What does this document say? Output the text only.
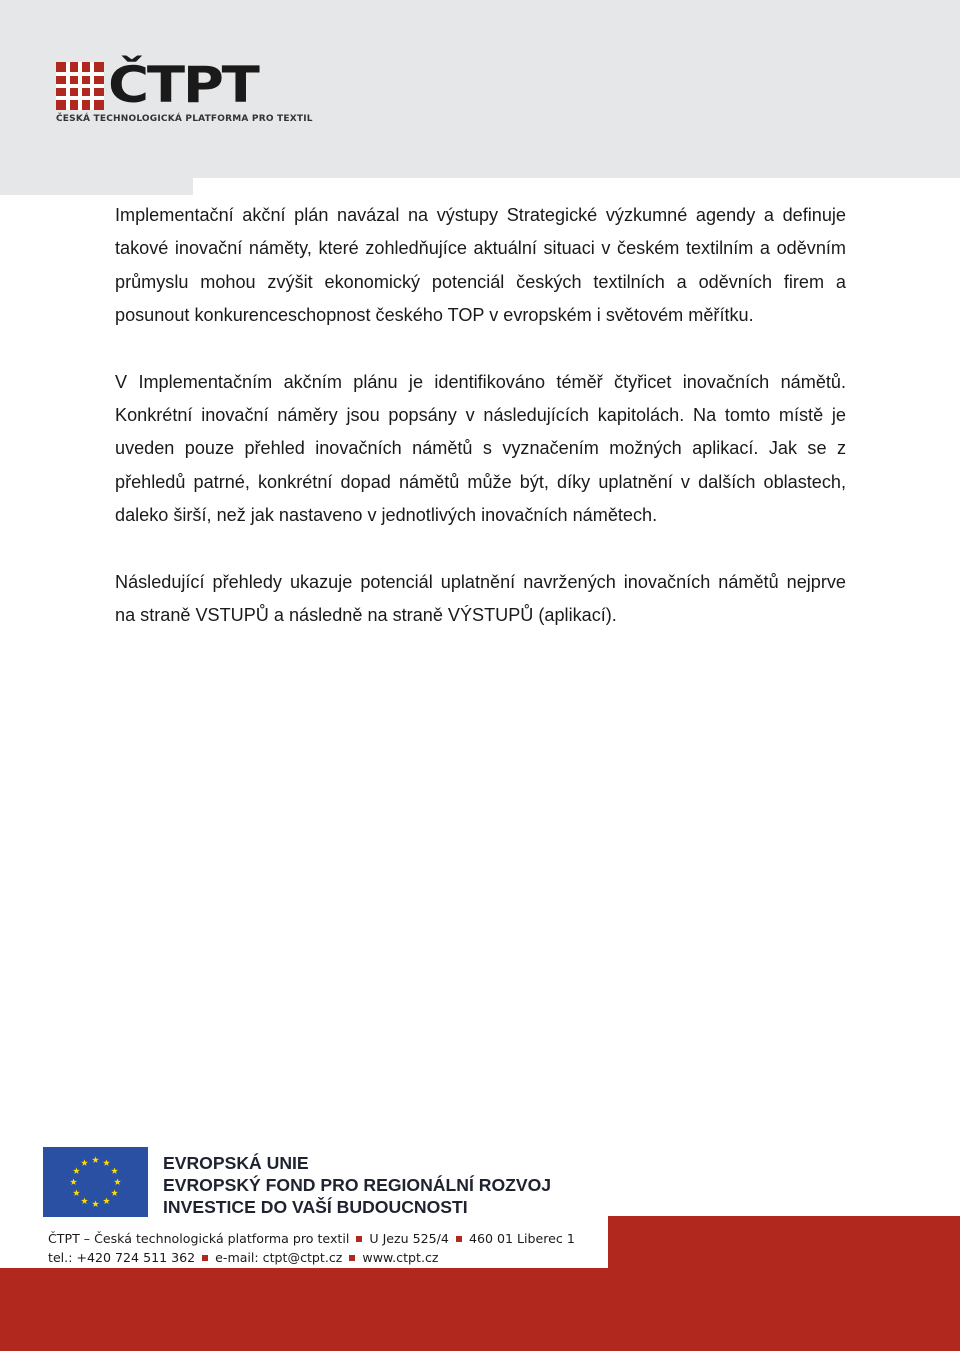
ČTPT
ČESKÁ TECHNOLOGICKÁ PLATFORMA PRO TEXTIL

Implementační akční plán navázal na výstupy Strategické výzkumné agendy a definuje takové inovační náměty, které zohledňujíce aktuální situaci v českém textilním a oděvním průmyslu mohou zvýšit ekonomický potenciál českých textilních a oděvních firem a posunout konkurenceschopnost českého TOP v evropském i světovém měřítku.

V Implementačním akčním plánu je identifikováno téměř čtyřicet inovačních námětů. Konkrétní inovační náměry jsou popsány v následujících kapitolách. Na tomto místě je uveden pouze přehled inovačních námětů s vyznačením možných aplikací. Jak se z přehledů patrné, konkrétní dopad námětů může být, díky uplatnění v dalších oblastech, daleko širší, než jak nastaveno v jednotlivých inovačních námětech.

Následující přehledy ukazuje potenciál uplatnění navržených inovačních námětů nejprve na straně VSTUPŮ a následně na straně VÝSTUPŮ (aplikací).

EVROPSKÁ UNIE
EVROPSKÝ FOND PRO REGIONÁLNÍ ROZVOJ
INVESTICE DO VAŠÍ BUDOUCNOSTI
ČTPT – Česká technologická platforma pro textil U Jezu 525/4 460 01 Liberec 1
tel.: +420 724 511 362 e-mail: ctpt@ctpt.cz www.ctpt.cz
